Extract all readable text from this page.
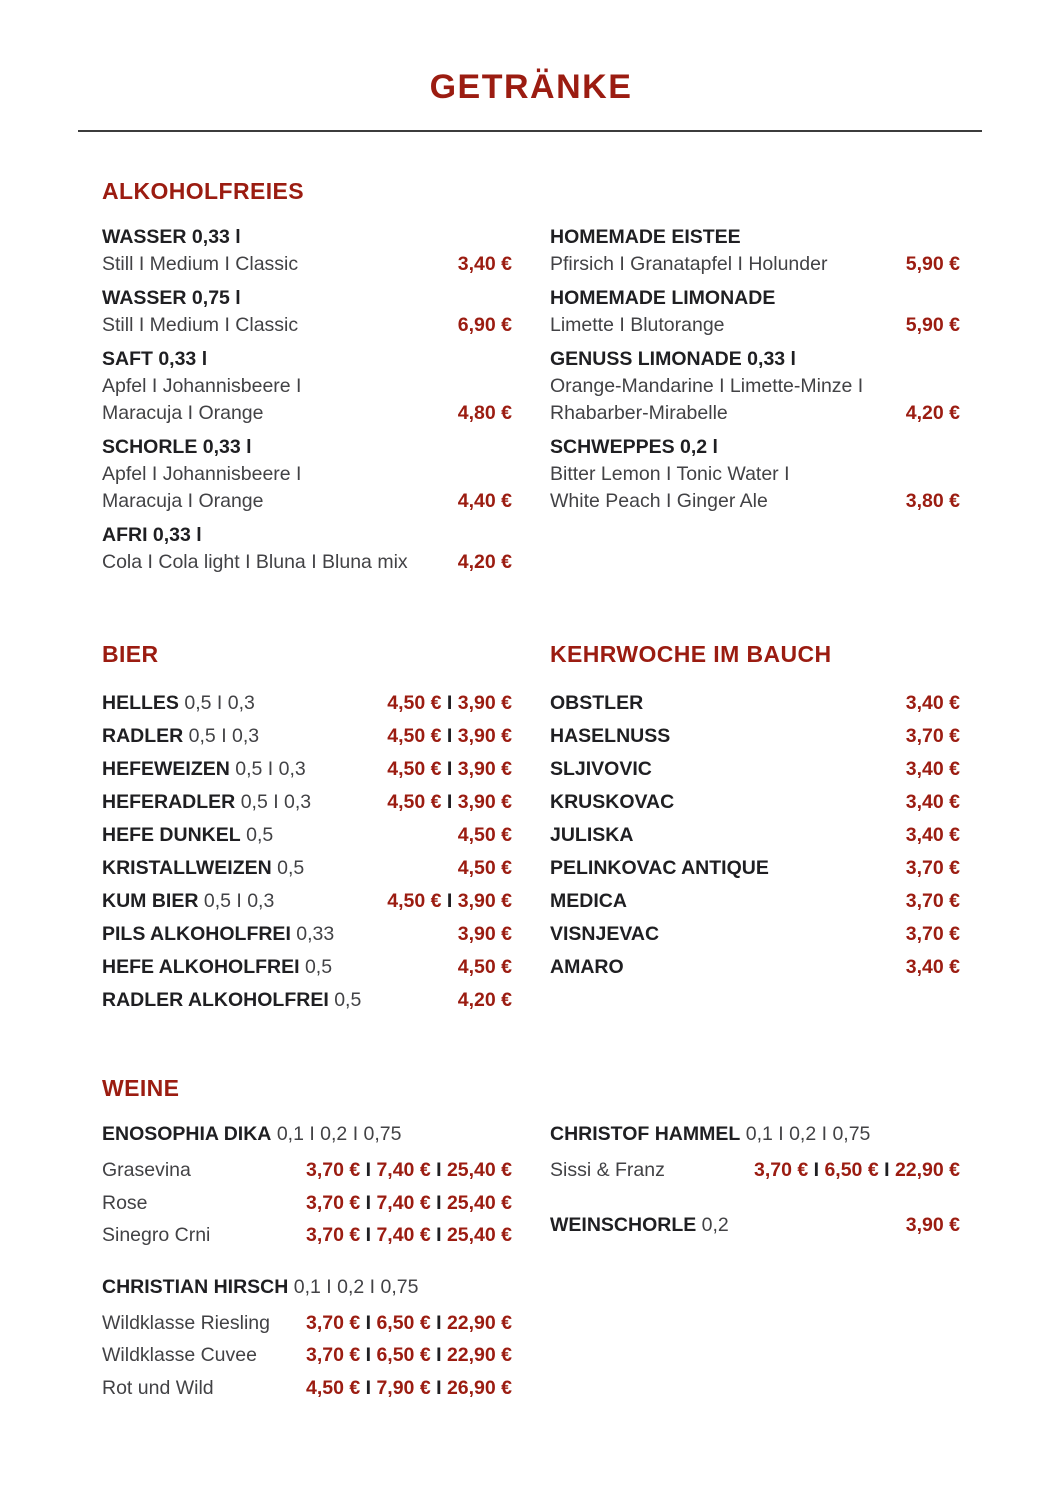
GETRÄNKE
ALKOHOLFREIES
WASSER 0,33 l
Still I Medium I Classic	3,40 €
WASSER 0,75 l
Still I Medium I Classic	6,90 €
SAFT 0,33 l
Apfel I Johannisbeere I
Maracuja I Orange	4,80 €
SCHORLE 0,33 l
Apfel I Johannisbeere I
Maracuja I Orange	4,40 €
AFRI 0,33 l
Cola I Cola light I Bluna I Bluna mix	4,20 €
HOMEMADE EISTEE
Pfirsich I Granatapfel I Holunder	5,90 €
HOMEMADE LIMONADE
Limette I Blutorange	5,90 €
GENUSS LIMONADE 0,33 l
Orange-Mandarine I Limette-Minze I
Rhabarber-Mirabelle	4,20 €
SCHWEPPES 0,2 l
Bitter Lemon I Tonic Water I
White Peach I Ginger Ale	3,80 €
BIER
HELLES 0,5 I 0,3	4,50 € I 3,90 €
RADLER 0,5 I 0,3	4,50 € I 3,90 €
HEFEWEIZEN 0,5 I 0,3	4,50 € I 3,90 €
HEFERADLER 0,5 I 0,3	4,50 € I 3,90 €
HEFE DUNKEL 0,5	4,50 €
KRISTALLWEIZEN 0,5	4,50 €
KUM BIER 0,5 I 0,3	4,50 € I 3,90 €
PILS ALKOHOLFREI 0,33	3,90 €
HEFE ALKOHOLFREI 0,5	4,50 €
RADLER ALKOHOLFREI 0,5	4,20 €
KEHRWOCHE IM BAUCH
OBSTLER	3,40 €
HASELNUSS	3,70 €
SLJIVOVIC	3,40 €
KRUSKOVAC	3,40 €
JULISKA	3,40 €
PELINKOVAC ANTIQUE	3,70 €
MEDICA	3,70 €
VISNJEVAC	3,70 €
AMARO	3,40 €
WEINE
ENOSOPHIA DIKA 0,1 I 0,2 I 0,75
Grasevina	3,70 € I 7,40 € I 25,40 €
Rose	3,70 € I 7,40 € I 25,40 €
Sinegro Crni	3,70 € I 7,40 € I 25,40 €
CHRISTIAN HIRSCH 0,1 I 0,2 I 0,75
Wildklasse Riesling 3,70 € I 6,50 € I 22,90 €
Wildklasse Cuvee	3,70 € I 6,50 € I 22,90 €
Rot und Wild	4,50 € I 7,90 € I 26,90 €
CHRISTOF HAMMEL 0,1 I 0,2 I 0,75
Sissi & Franz	3,70 € I 6,50 € I 22,90 €
WEINSCHORLE 0,2	3,90 €
